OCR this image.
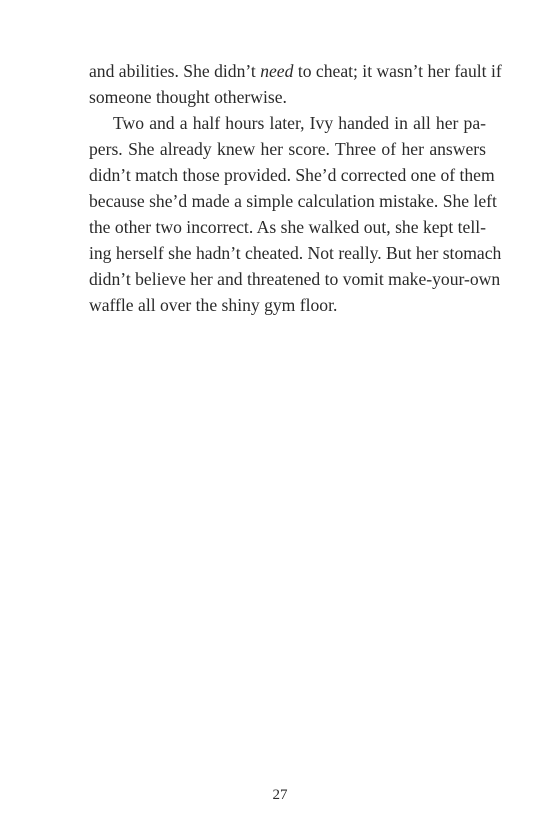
and abilities. She didn’t need to cheat; it wasn’t her fault if
someone thought otherwise.
Two and a half hours later, Ivy handed in all her pa-
pers. She already knew her score. Three of her answers
didn’t match those provided. She’d corrected one of them
because she’d made a simple calculation mistake. She left
the other two incorrect. As she walked out, she kept tell-
ing herself she hadn’t cheated. Not really. But her stomach
didn’t believe her and threatened to vomit make-your-own
waffle all over the shiny gym floor.
27
